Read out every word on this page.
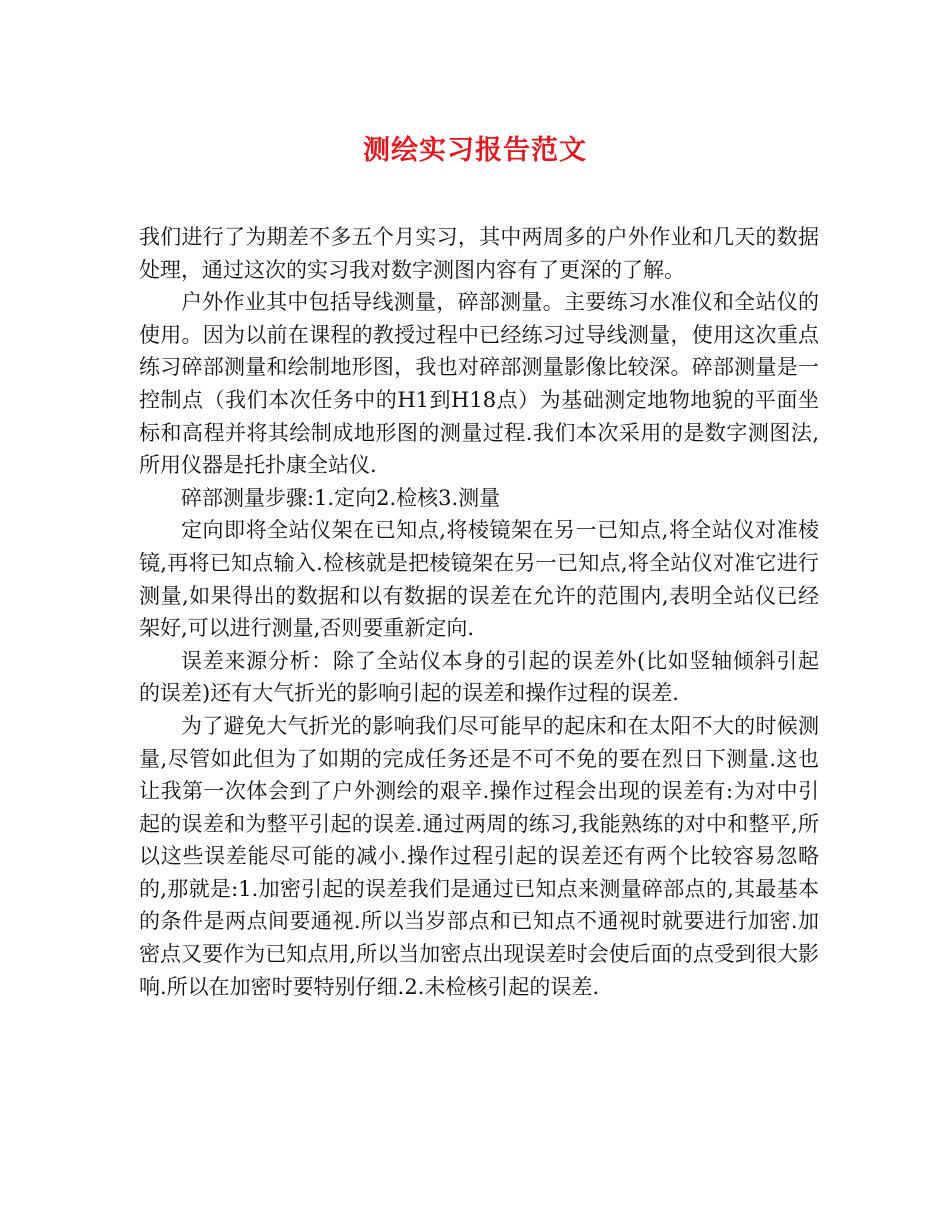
测绘实习报告范文

我们进行了为期差不多五个月实习，其中两周多的户外作业和几天的数据处理，通过这次的实习我对数字测图内容有了更深的了解。

户外作业其中包括导线测量，碎部测量。主要练习水准仪和全站仪的使用。因为以前在课程的教授过程中已经练习过导线测量，使用这次重点练习碎部测量和绘制地形图，我也对碎部测量影像比较深。碎部测量是一控制点（我们本次任务中的H1到H18点）为基础测定地物地貌的平面坐标和高程并将其绘制成地形图的测量过程.我们本次采用的是数字测图法,所用仪器是托扑康全站仪.

碎部测量步骤:1.定向2.检核3.测量

定向即将全站仪架在已知点,将棱镜架在另一已知点,将全站仪对准棱镜,再将已知点输入.检核就是把棱镜架在另一已知点,将全站仪对准它进行测量,如果得出的数据和以有数据的误差在允许的范围内,表明全站仪已经架好,可以进行测量,否则要重新定向.

误差来源分析：除了全站仪本身的引起的误差外(比如竖轴倾斜引起的误差)还有大气折光的影响引起的误差和操作过程的误差.

为了避免大气折光的影响我们尽可能早的起床和在太阳不大的时候测量,尽管如此但为了如期的完成任务还是不可不免的要在烈日下测量.这也让我第一次体会到了户外测绘的艰辛.操作过程会出现的误差有:为对中引起的误差和为整平引起的误差.通过两周的练习,我能熟练的对中和整平,所以这些误差能尽可能的减小.操作过程引起的误差还有两个比较容易忽略的,那就是:1.加密引起的误差我们是通过已知点来测量碎部点的,其最基本的条件是两点间要通视.所以当岁部点和已知点不通视时就要进行加密.加密点又要作为已知点用,所以当加密点出现误差时会使后面的点受到很大影响.所以在加密时要特别仔细.2.未检核引起的误差.
